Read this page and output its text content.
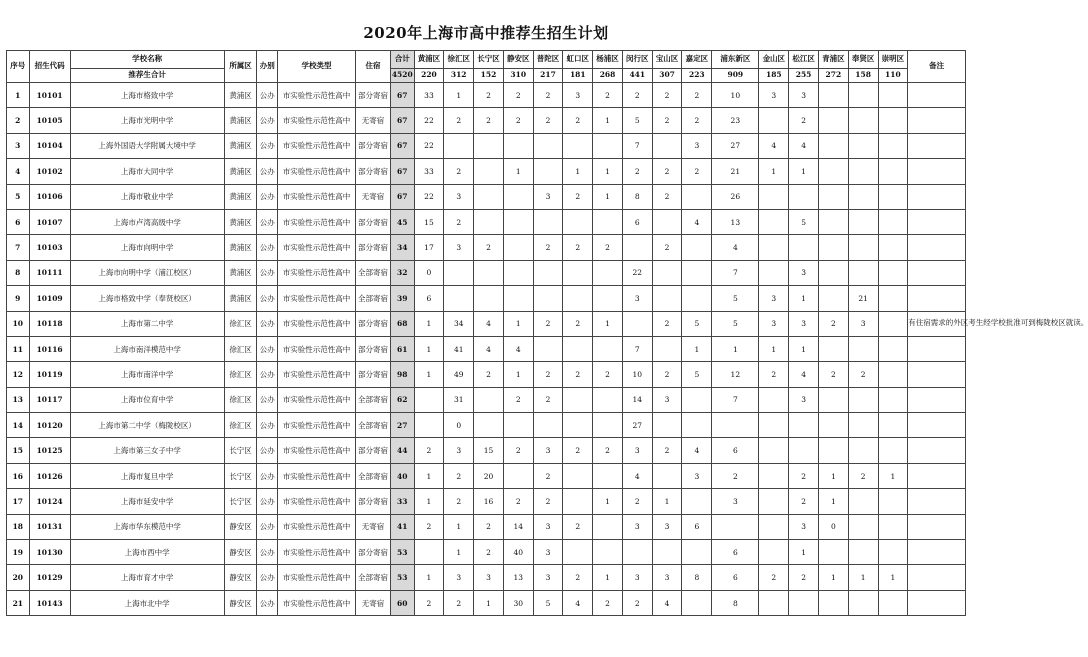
2020年上海市高中推荐生招生计划
序号	招生代码	学校名称	所属区	办别	学校类型	住宿	合计	黄浦区	徐汇区	长宁区	静安区	普陀区	虹口区	杨浦区	闵行区	宝山区	嘉定区	浦东新区	金山区	松江区	青浦区	奉贤区	崇明区	备注
		推荐生合计					4520	220	312	152	310	217	181	268	441	307	223	909	185	255	272	158	110	
1	10101	上海市格致中学	黄浦区	公办	市实验性示范性高中	部分寄宿	67	33	1	2	2	2	3	2	2	2	2	10	3	3				
2	10105	上海市光明中学	黄浦区	公办	市实验性示范性高中	无寄宿	67	22	2	2	2	2	2	1	5	2	2	23		2				
3	10104	上海外国语大学附属大境中学	黄浦区	公办	市实验性示范性高中	部分寄宿	67	22							7		3	27	4	4				
4	10102	上海市大同中学	黄浦区	公办	市实验性示范性高中	部分寄宿	67	33	2		1		1	1	2	2	2	21	1	1				
5	10106	上海市敬业中学	黄浦区	公办	市实验性示范性高中	无寄宿	67	22	3			3	2	1	8	2		26						
6	10107	上海市卢湾高级中学	黄浦区	公办	市实验性示范性高中	部分寄宿	45	15	2						6		4	13		5				
7	10103	上海市向明中学	黄浦区	公办	市实验性示范性高中	部分寄宿	34	17	3	2		2	2	2		2		4						
8	10111	上海市向明中学（浦江校区）	黄浦区	公办	市实验性示范性高中	全部寄宿	32	0							22			7		3				
9	10109	上海市格致中学（奉贤校区）	黄浦区	公办	市实验性示范性高中	全部寄宿	39	6							3			5	3	1		21		
10	10118	上海市第二中学	徐汇区	公办	市实验性示范性高中	部分寄宿	68	1	34	4	1	2	2	1		2	5	5	3	3	2	3		有住宿需求的外区考生经学校批准可到梅陇校区就读。
11	10116	上海市南洋模范中学	徐汇区	公办	市实验性示范性高中	部分寄宿	61	1	41	4	4				7		1	1	1	1				
12	10119	上海市南洋中学	徐汇区	公办	市实验性示范性高中	部分寄宿	98	1	49	2	1	2	2	2	10	2	5	12	2	4	2	2		
13	10117	上海市位育中学	徐汇区	公办	市实验性示范性高中	全部寄宿	62		31		2	2			14	3		7		3				
14	10120	上海市第二中学（梅陇校区）	徐汇区	公办	市实验性示范性高中	全部寄宿	27		0						27									
15	10125	上海市第三女子中学	长宁区	公办	市实验性示范性高中	部分寄宿	44	2	3	15	2	3	2	2	3	2	4	6						
16	10126	上海市复旦中学	长宁区	公办	市实验性示范性高中	全部寄宿	40	1	2	20		2			4		3	2		2	1	2	1	
17	10124	上海市延安中学	长宁区	公办	市实验性示范性高中	部分寄宿	33	1	2	16	2	2		1	2	1		3		2	1			
18	10131	上海市华东模范中学	静安区	公办	市实验性示范性高中	无寄宿	41	2	1	2	14	3	2		3	3	6			3	0			
19	10130	上海市西中学	静安区	公办	市实验性示范性高中	部分寄宿	53		1	2	40	3						6		1				
20	10129	上海市育才中学	静安区	公办	市实验性示范性高中	全部寄宿	53	1	3	3	13	3	2	1	3	3	8	6	2	2	1	1	1	
21	10143	上海市北中学	静安区	公办	市实验性示范性高中	无寄宿	60	2	2	1	30	5	4	2	2	4		8						
